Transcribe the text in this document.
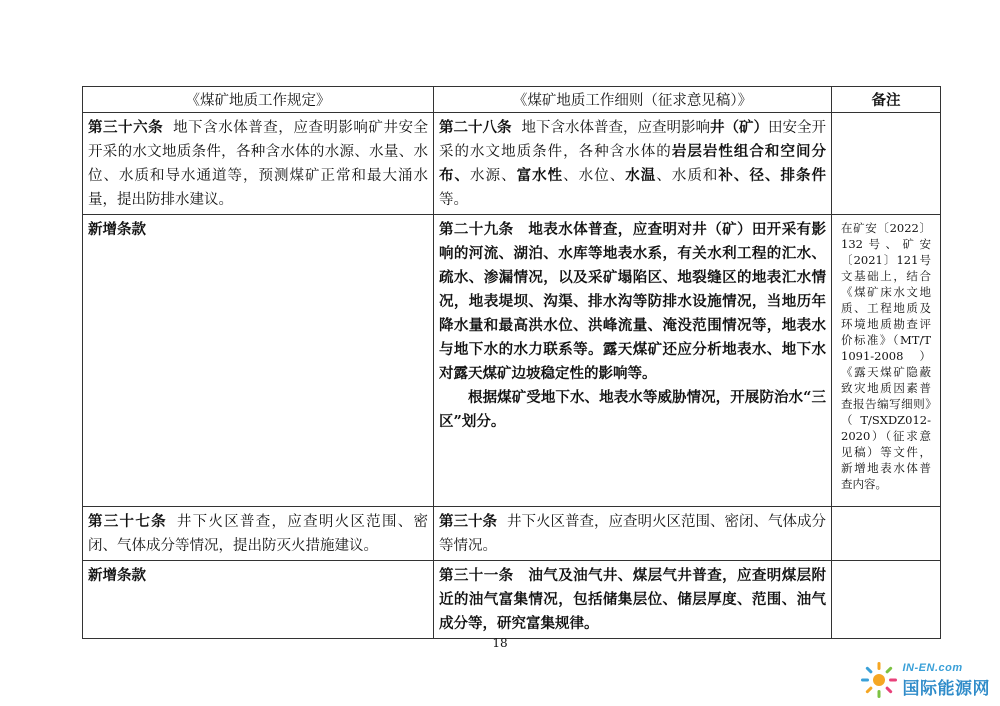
《煤矿地质工作规定》	《煤矿地质工作细则（征求意见稿）》	备注

第三十六条 地下含水体普查，应查明影响矿井安全开采的水文地质条件，各种含水体的水源、水量、水位、水质和导水通道等，预测煤矿正常和最大涌水量，提出防排水建议。	第二十八条 地下含水体普查，应查明影响井（矿）田安全开采的水文地质条件，各种含水体的岩层岩性组合和空间分布、水源、富水性、水位、水温、水质和补、径、排条件等。	

新增条款	第二十九条　地表水体普查，应查明对井（矿）田开采有影响的河流、湖泊、水库等地表水系，有关水利工程的汇水、疏水、渗漏情况，以及采矿塌陷区、地裂缝区的地表汇水情况，地表堤坝、沟渠、排水沟等防排水设施情况，当地历年降水量和最高洪水位、洪峰流量、淹没范围情况等，地表水与地下水的水力联系等。露天煤矿还应分析地表水、地下水对露天煤矿边坡稳定性的影响等。

根据煤矿受地下水、地表水等威胁情况，开展防治水“三区”划分。	在矿安〔2022〕132号、矿安〔2021〕121号文基础上，结合《煤矿床水文地质、工程地质及环境地质勘查评价标准》（MT/T 1091-2008）《露天煤矿隐蔽致灾地质因素普查报告编写细则》（T/SXDZ012-2020）（征求意见稿）等文件，新增地表水体普查内容。

第三十七条 井下火区普查，应查明火区范围、密闭、气体成分等情况，提出防灭火措施建议。	第三十条 井下火区普查，应查明火区范围、密闭、气体成分等情况。	

新增条款	第三十一条　油气及油气井、煤层气井普查，应查明煤层附近的油气富集情况，包括储集层位、储层厚度、范围、油气成分等，研究富集规律。	

18
IN-EN.com
国际能源网
